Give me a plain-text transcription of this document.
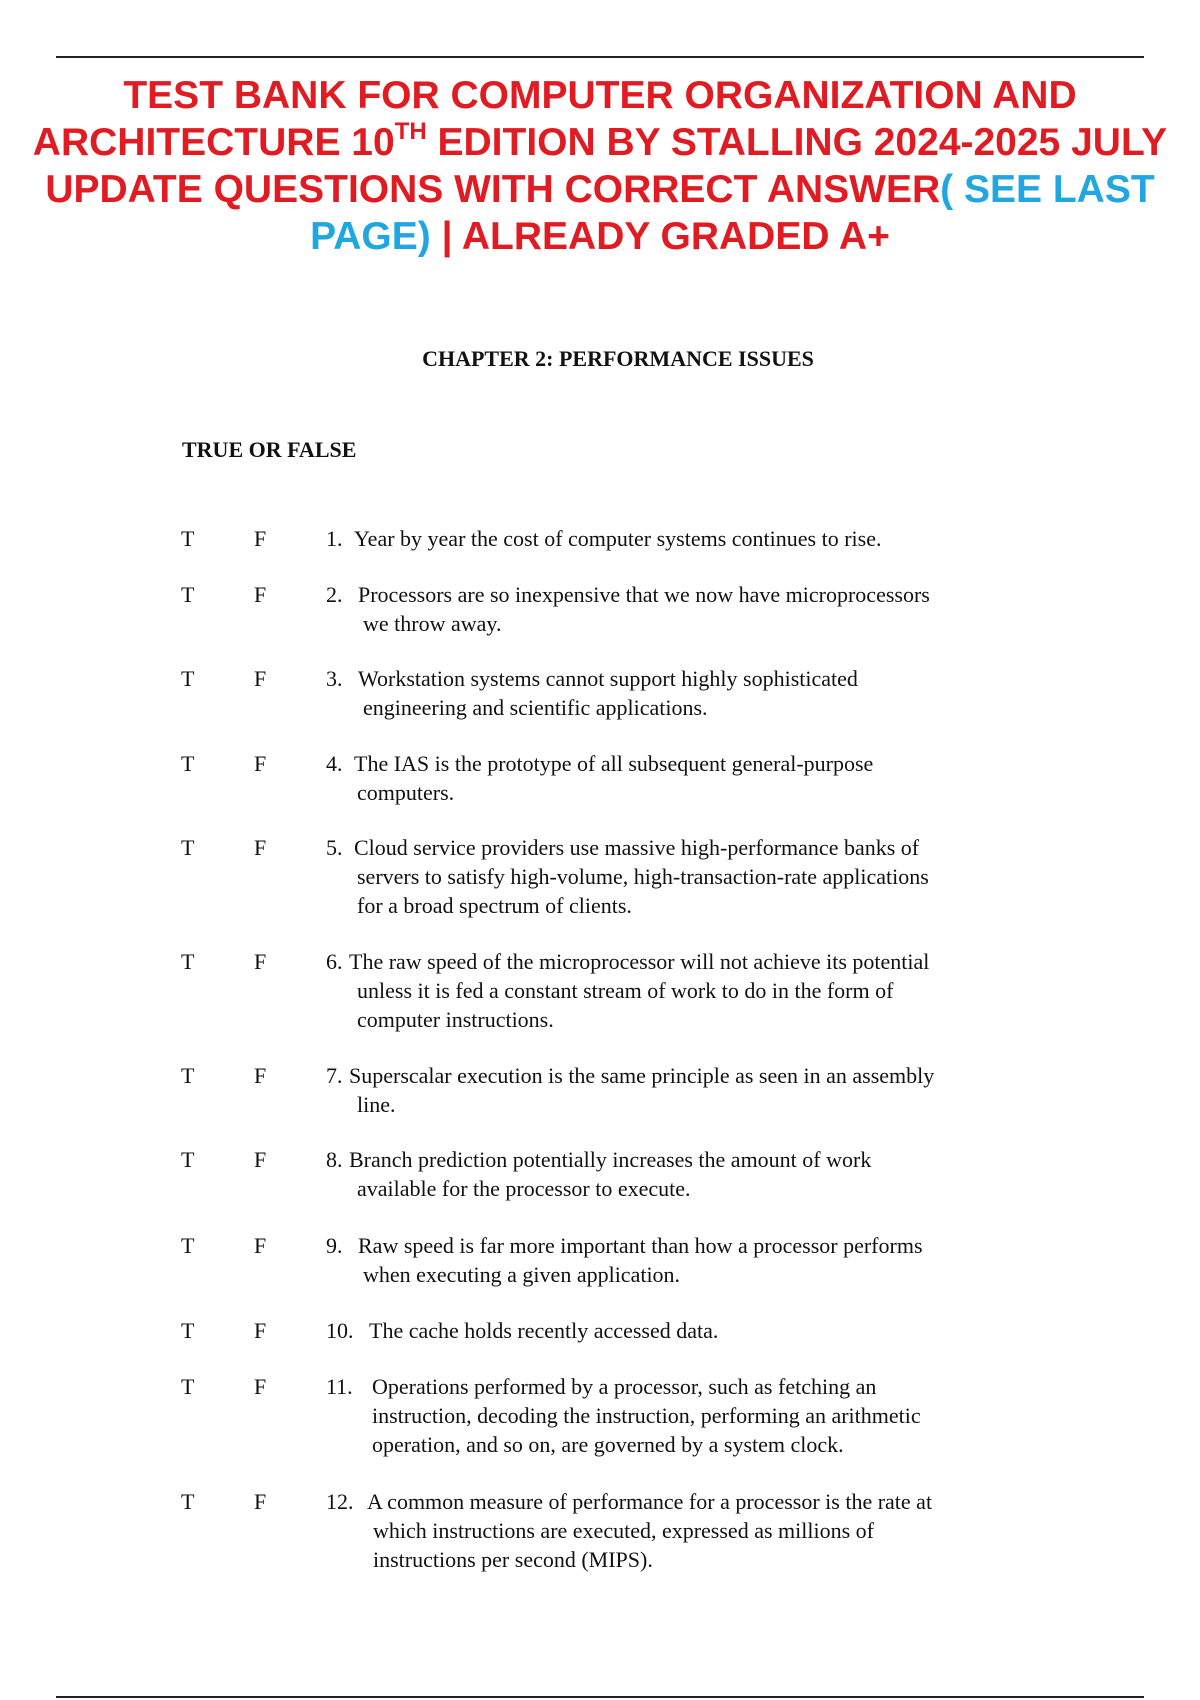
TEST BANK FOR COMPUTER ORGANIZATION AND
ARCHITECTURE 10TH EDITION BY STALLING 2024-2025 JULY
UPDATE QUESTIONS WITH CORRECT ANSWER( SEE LAST
PAGE) | ALREADY GRADED A+
CHAPTER 2: PERFORMANCE ISSUES
TRUE OR FALSE
T	F	1. Year by year the cost of computer systems continues to rise.
T	F	2. Processors are so inexpensive that we now have microprocessors
we throw away.
T	F	3. Workstation systems cannot support highly sophisticated
engineering and scientific applications.
T	F	4. The IAS is the prototype of all subsequent general-purpose
computers.
T	F	5. Cloud service providers use massive high-performance banks of
servers to satisfy high-volume, high-transaction-rate applications
for a broad spectrum of clients.
T	F	6. The raw speed of the microprocessor will not achieve its potential
unless it is fed a constant stream of work to do in the form of
computer instructions.
T	F	7. Superscalar execution is the same principle as seen in an assembly
line.
T	F	8. Branch prediction potentially increases the amount of work
available for the processor to execute.
T	F	9. Raw speed is far more important than how a processor performs
when executing a given application.
T	F	10. The cache holds recently accessed data.
T	F	11. Operations performed by a processor, such as fetching an
instruction, decoding the instruction, performing an arithmetic
operation, and so on, are governed by a system clock.
T	F	12. A common measure of performance for a processor is the rate at
which instructions are executed, expressed as millions of
instructions per second (MIPS).
